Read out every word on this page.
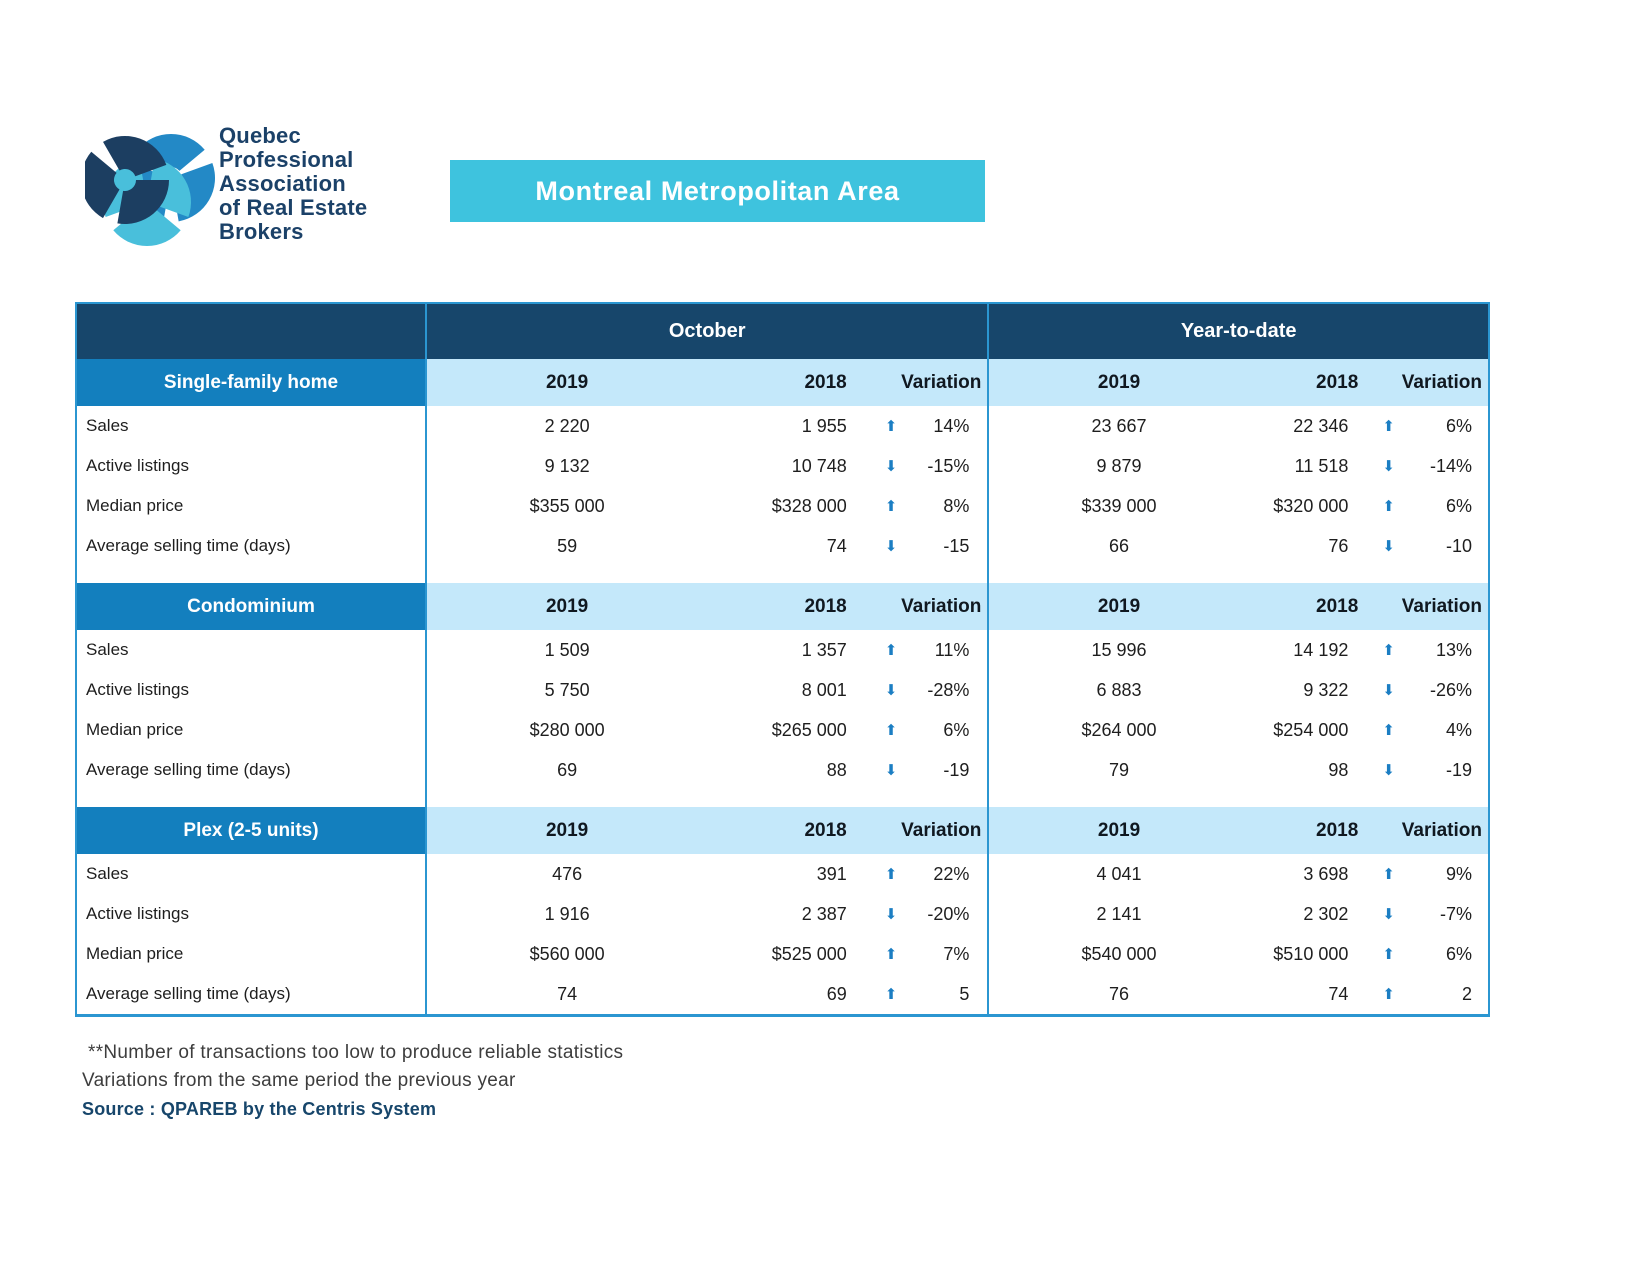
Quebec
Professional
Association
of Real Estate
Brokers
Montreal Metropolitan Area
October	Year-to-date
Single-family home	2019	2018	Variation	2019	2018	Variation
Sales	2 220	1 955	⬆ 14%	23 667	22 346	⬆	6%
Active listings	9 132	10 748	⬇ -15%	9 879	11 518	⬇ -14%
Median price	$355 000	$328 000	⬆	8%	$339 000	$320 000	⬆	6%
Average selling time (days)	59	74	⬇	-15	66	76	⬇	-10
Condominium	2019	2018	Variation	2019	2018	Variation
Sales	1 509	1 357	⬆ 11%	15 996	14 192	⬆ 13%
Active listings	5 750	8 001	⬇ -28%	6 883	9 322	⬇ -26%
Median price	$280 000	$265 000	⬆	6%	$264 000	$254 000	⬆	4%
Average selling time (days)	69	88	⬇	-19	79	98	⬇	-19
Plex (2-5 units)	2019	2018	Variation	2019	2018	Variation
Sales	476	391	⬆ 22%	4 041	3 698	⬆	9%
Active listings	1 916	2 387	⬇ -20%	2 141	2 302	⬇	-7%
Median price	$560 000	$525 000	⬆	7%	$540 000	$510 000	⬆	6%
Average selling time (days)	74	69	⬆	5	76	74	⬆	2
**Number of transactions too low to produce reliable statistics
Variations from the same period the previous year
Source : QPAREB by the Centris System
